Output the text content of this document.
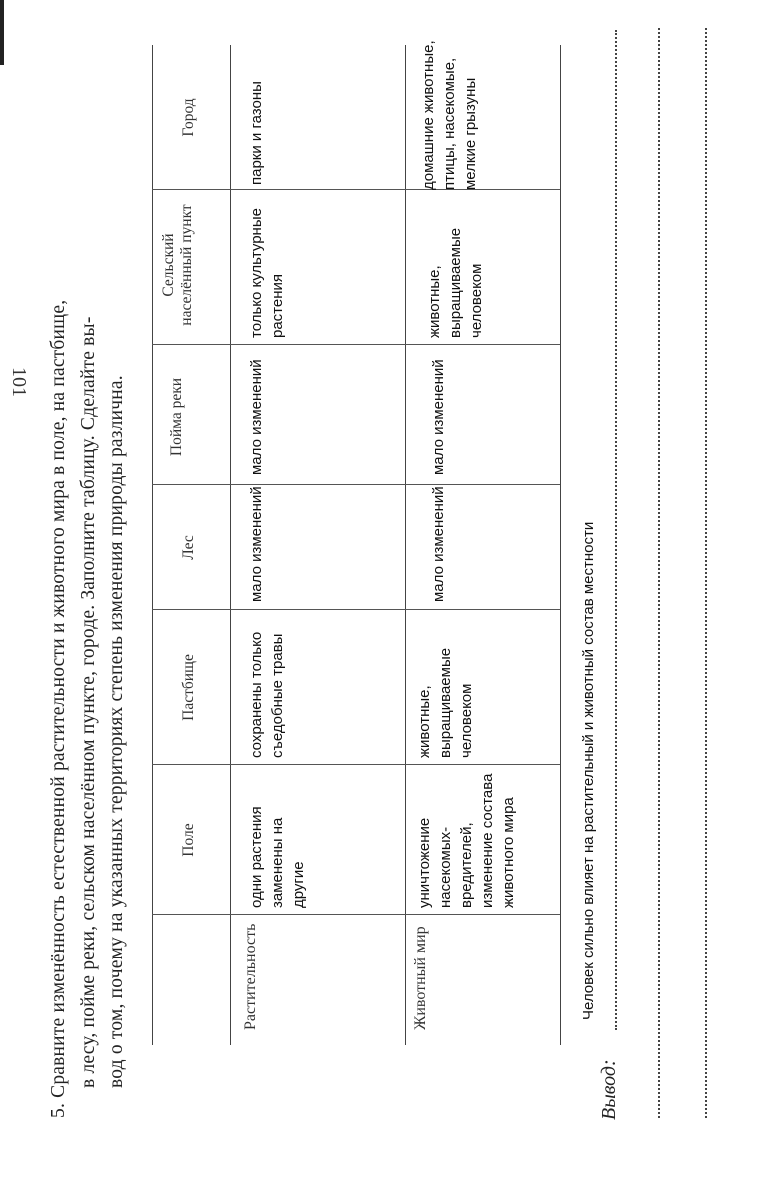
5. Сравните изменённость естественной растительности и животного мира в поле, на пастбище, в лесу, пойме реки, сельском населённом пункте, городе. Заполните таблицу. Сделайте вы- вод о том, почему на указанных территориях степень изменения природы различна.	Поле
Пастбище
Лес
Пойма реки
Сельский населённый пункт
Город
Растительность
одни растения заменены на другие
сохранены только съедобные травы
мало изменений
мало изменений
только культурные растения
парки и газоны
Животный мир
уничтожение насекомых-вредителей, изменение состава животного мира
животные, выращиваемые человеком
мало изменений
мало изменений
животные, выращиваемые человеком
домашние животные, птицы, насекомые, мелкие грызуны
Вывод:
Человек сильно влияет на растительный и животный состав местности
101
